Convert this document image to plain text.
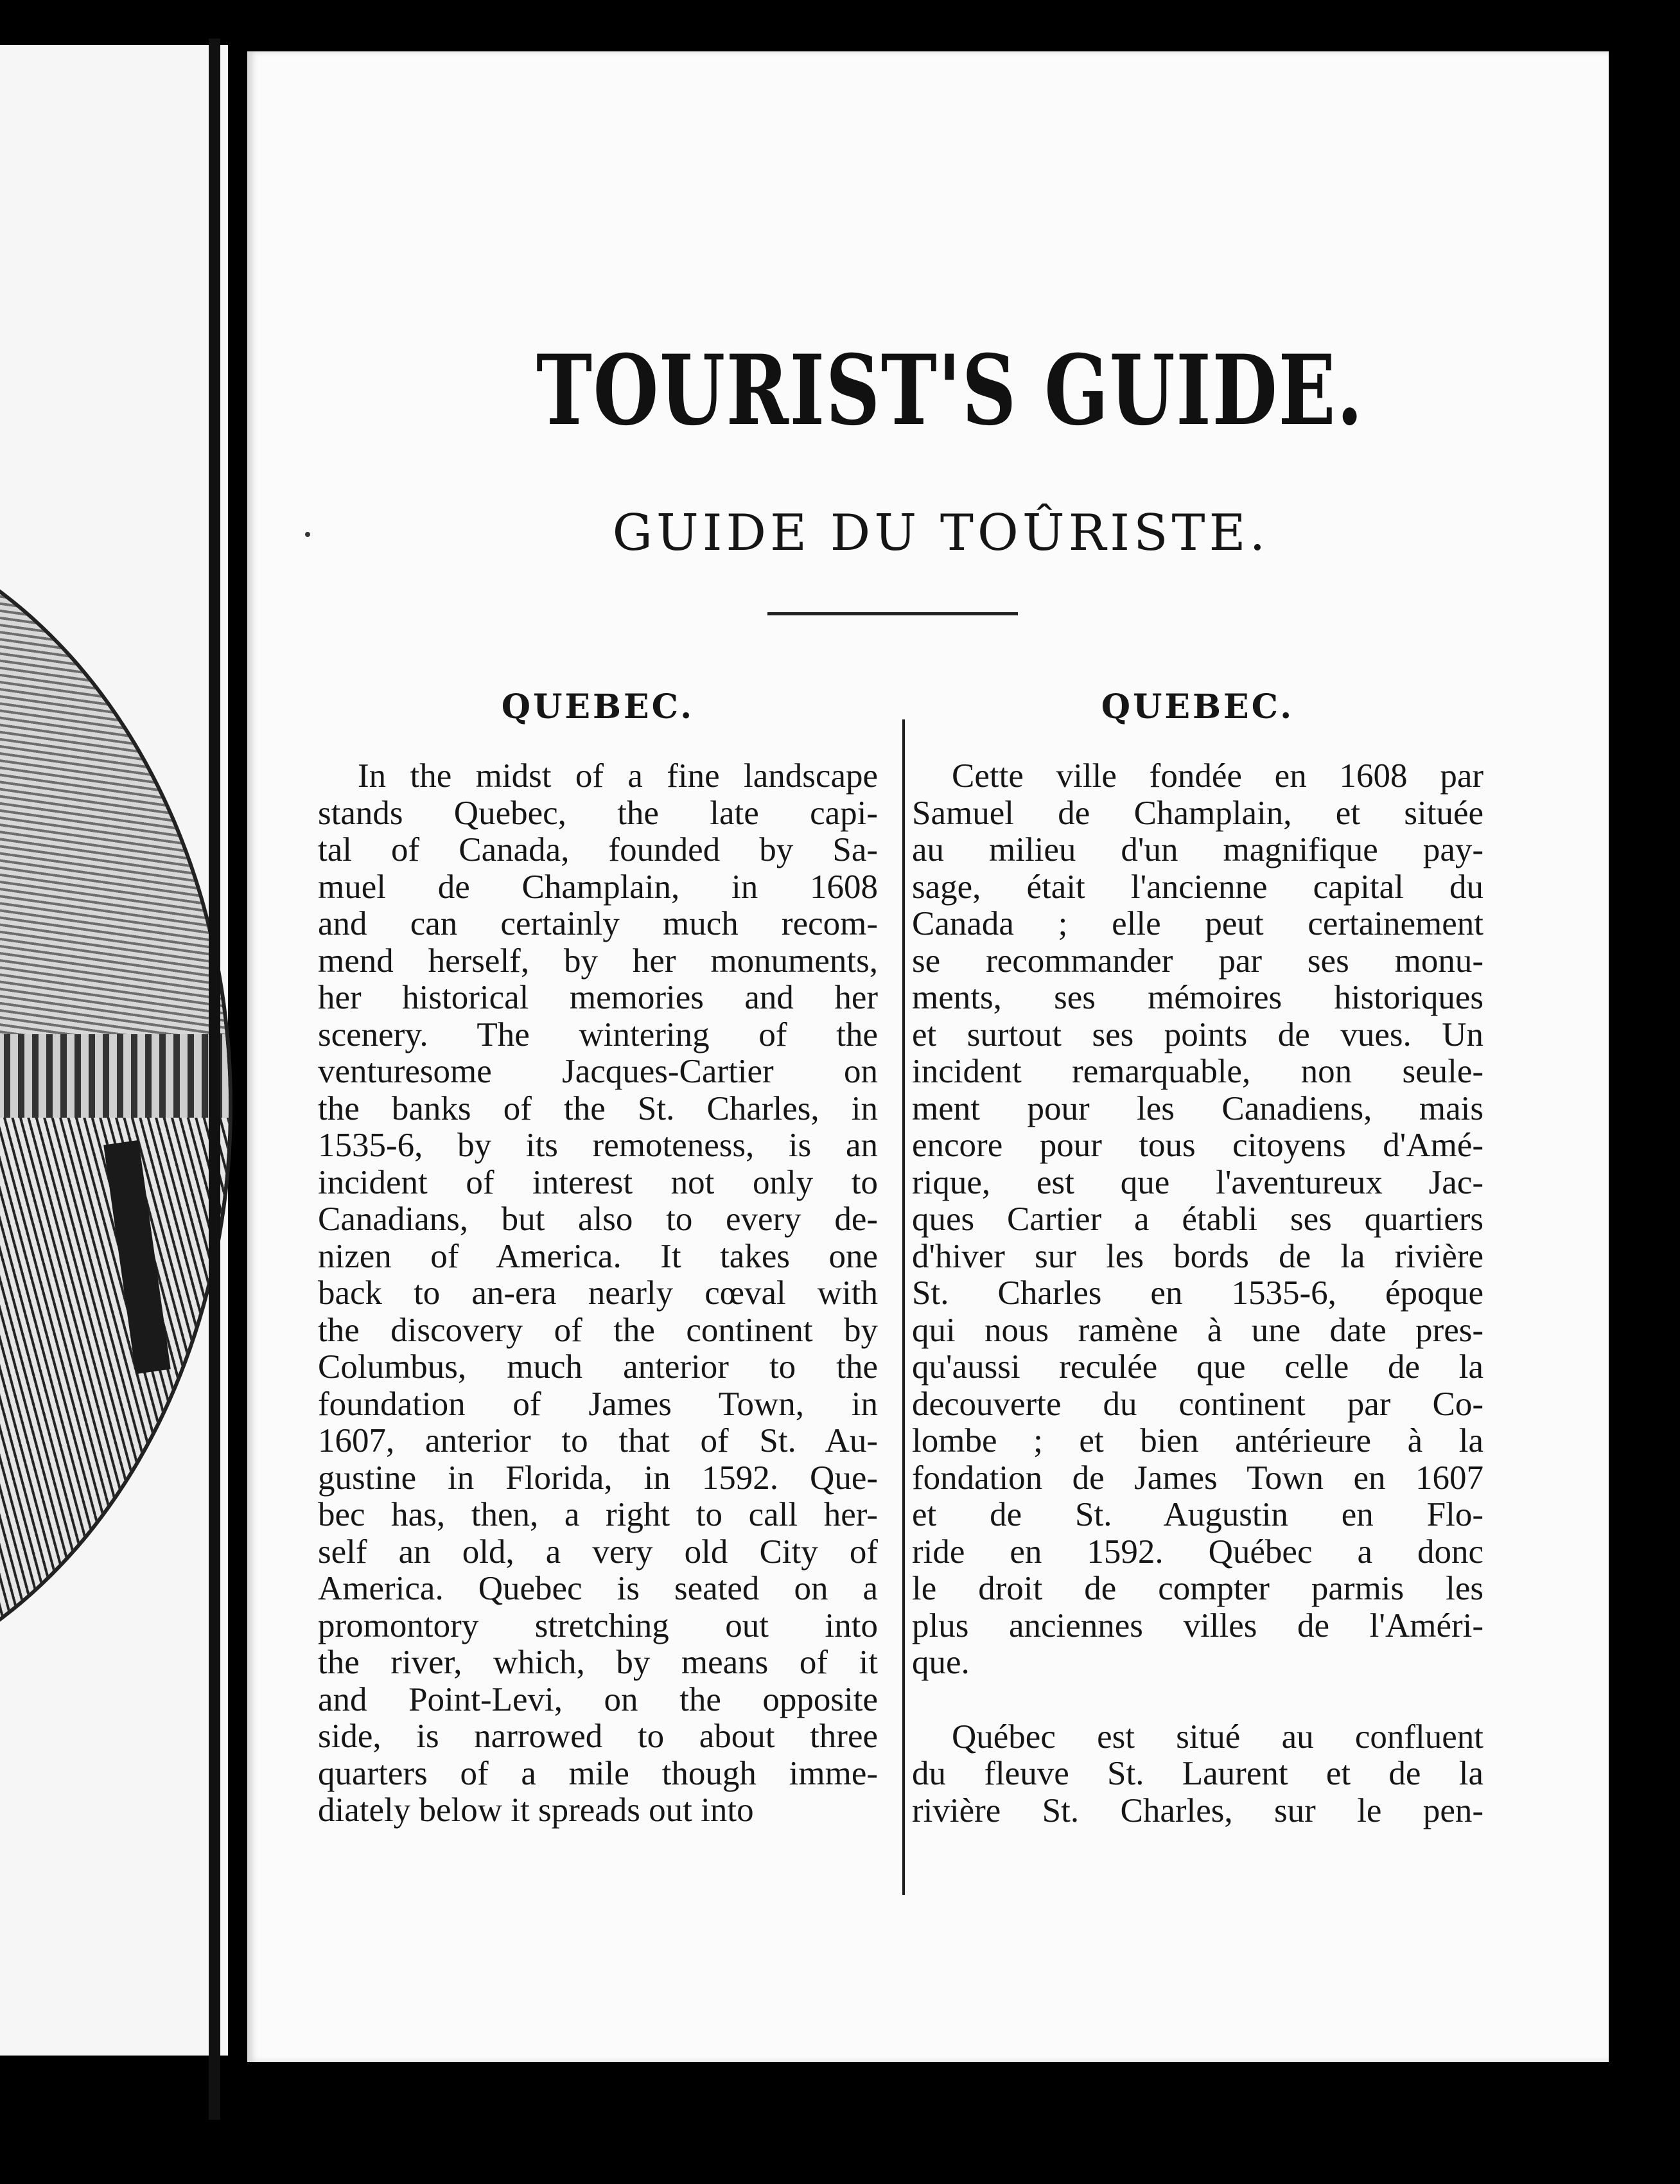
TOURIST'S GUIDE.
GUIDE DU TOÛRISTE.
QUEBEC.
In the midst of a fine landscape
stands Quebec, the late capi-
tal of Canada, founded by Sa-
muel de Champlain, in 1608
and can certainly much recom-
mend herself, by her monuments,
her historical memories and her
scenery. The wintering of the
venturesome Jacques-Cartier on
the banks of the St. Charles, in
1535-6, by its remoteness, is an
incident of interest not only to
Canadians, but also to every de-
nizen of America. It takes one
back to an-era nearly cœval with
the discovery of the continent by
Columbus, much anterior to the
foundation of James Town, in
1607, anterior to that of St. Au-
gustine in Florida, in 1592. Que-
bec has, then, a right to call her-
self an old, a very old City of
America. Quebec is seated on a
promontory stretching out into
the river, which, by means of it
and Point-Levi, on the opposite
side, is narrowed to about three
quarters of a mile though imme-
diately below it spreads out into
QUEBEC.
Cette ville fondée en 1608 par
Samuel de Champlain, et située
au milieu d'un magnifique pay-
sage, était l'ancienne capital du
Canada ; elle peut certainement
se recommander par ses monu-
ments, ses mémoires historiques
et surtout ses points de vues. Un
incident remarquable, non seule-
ment pour les Canadiens, mais
encore pour tous citoyens d'Amé-
rique, est que l'aventureux Jac-
ques Cartier a établi ses quartiers
d'hiver sur les bords de la rivière
St. Charles en 1535-6, époque
qui nous ramène à une date pres-
qu'aussi reculée que celle de la
decouverte du continent par Co-
lombe ; et bien antérieure à la
fondation de James Town en 1607
et de St. Augustin en Flo-
ride en 1592. Québec a donc
le droit de compter parmis les
plus anciennes villes de l'Améri-
que.
Québec est situé au confluent
du fleuve St. Laurent et de la
rivière St. Charles, sur le pen-
